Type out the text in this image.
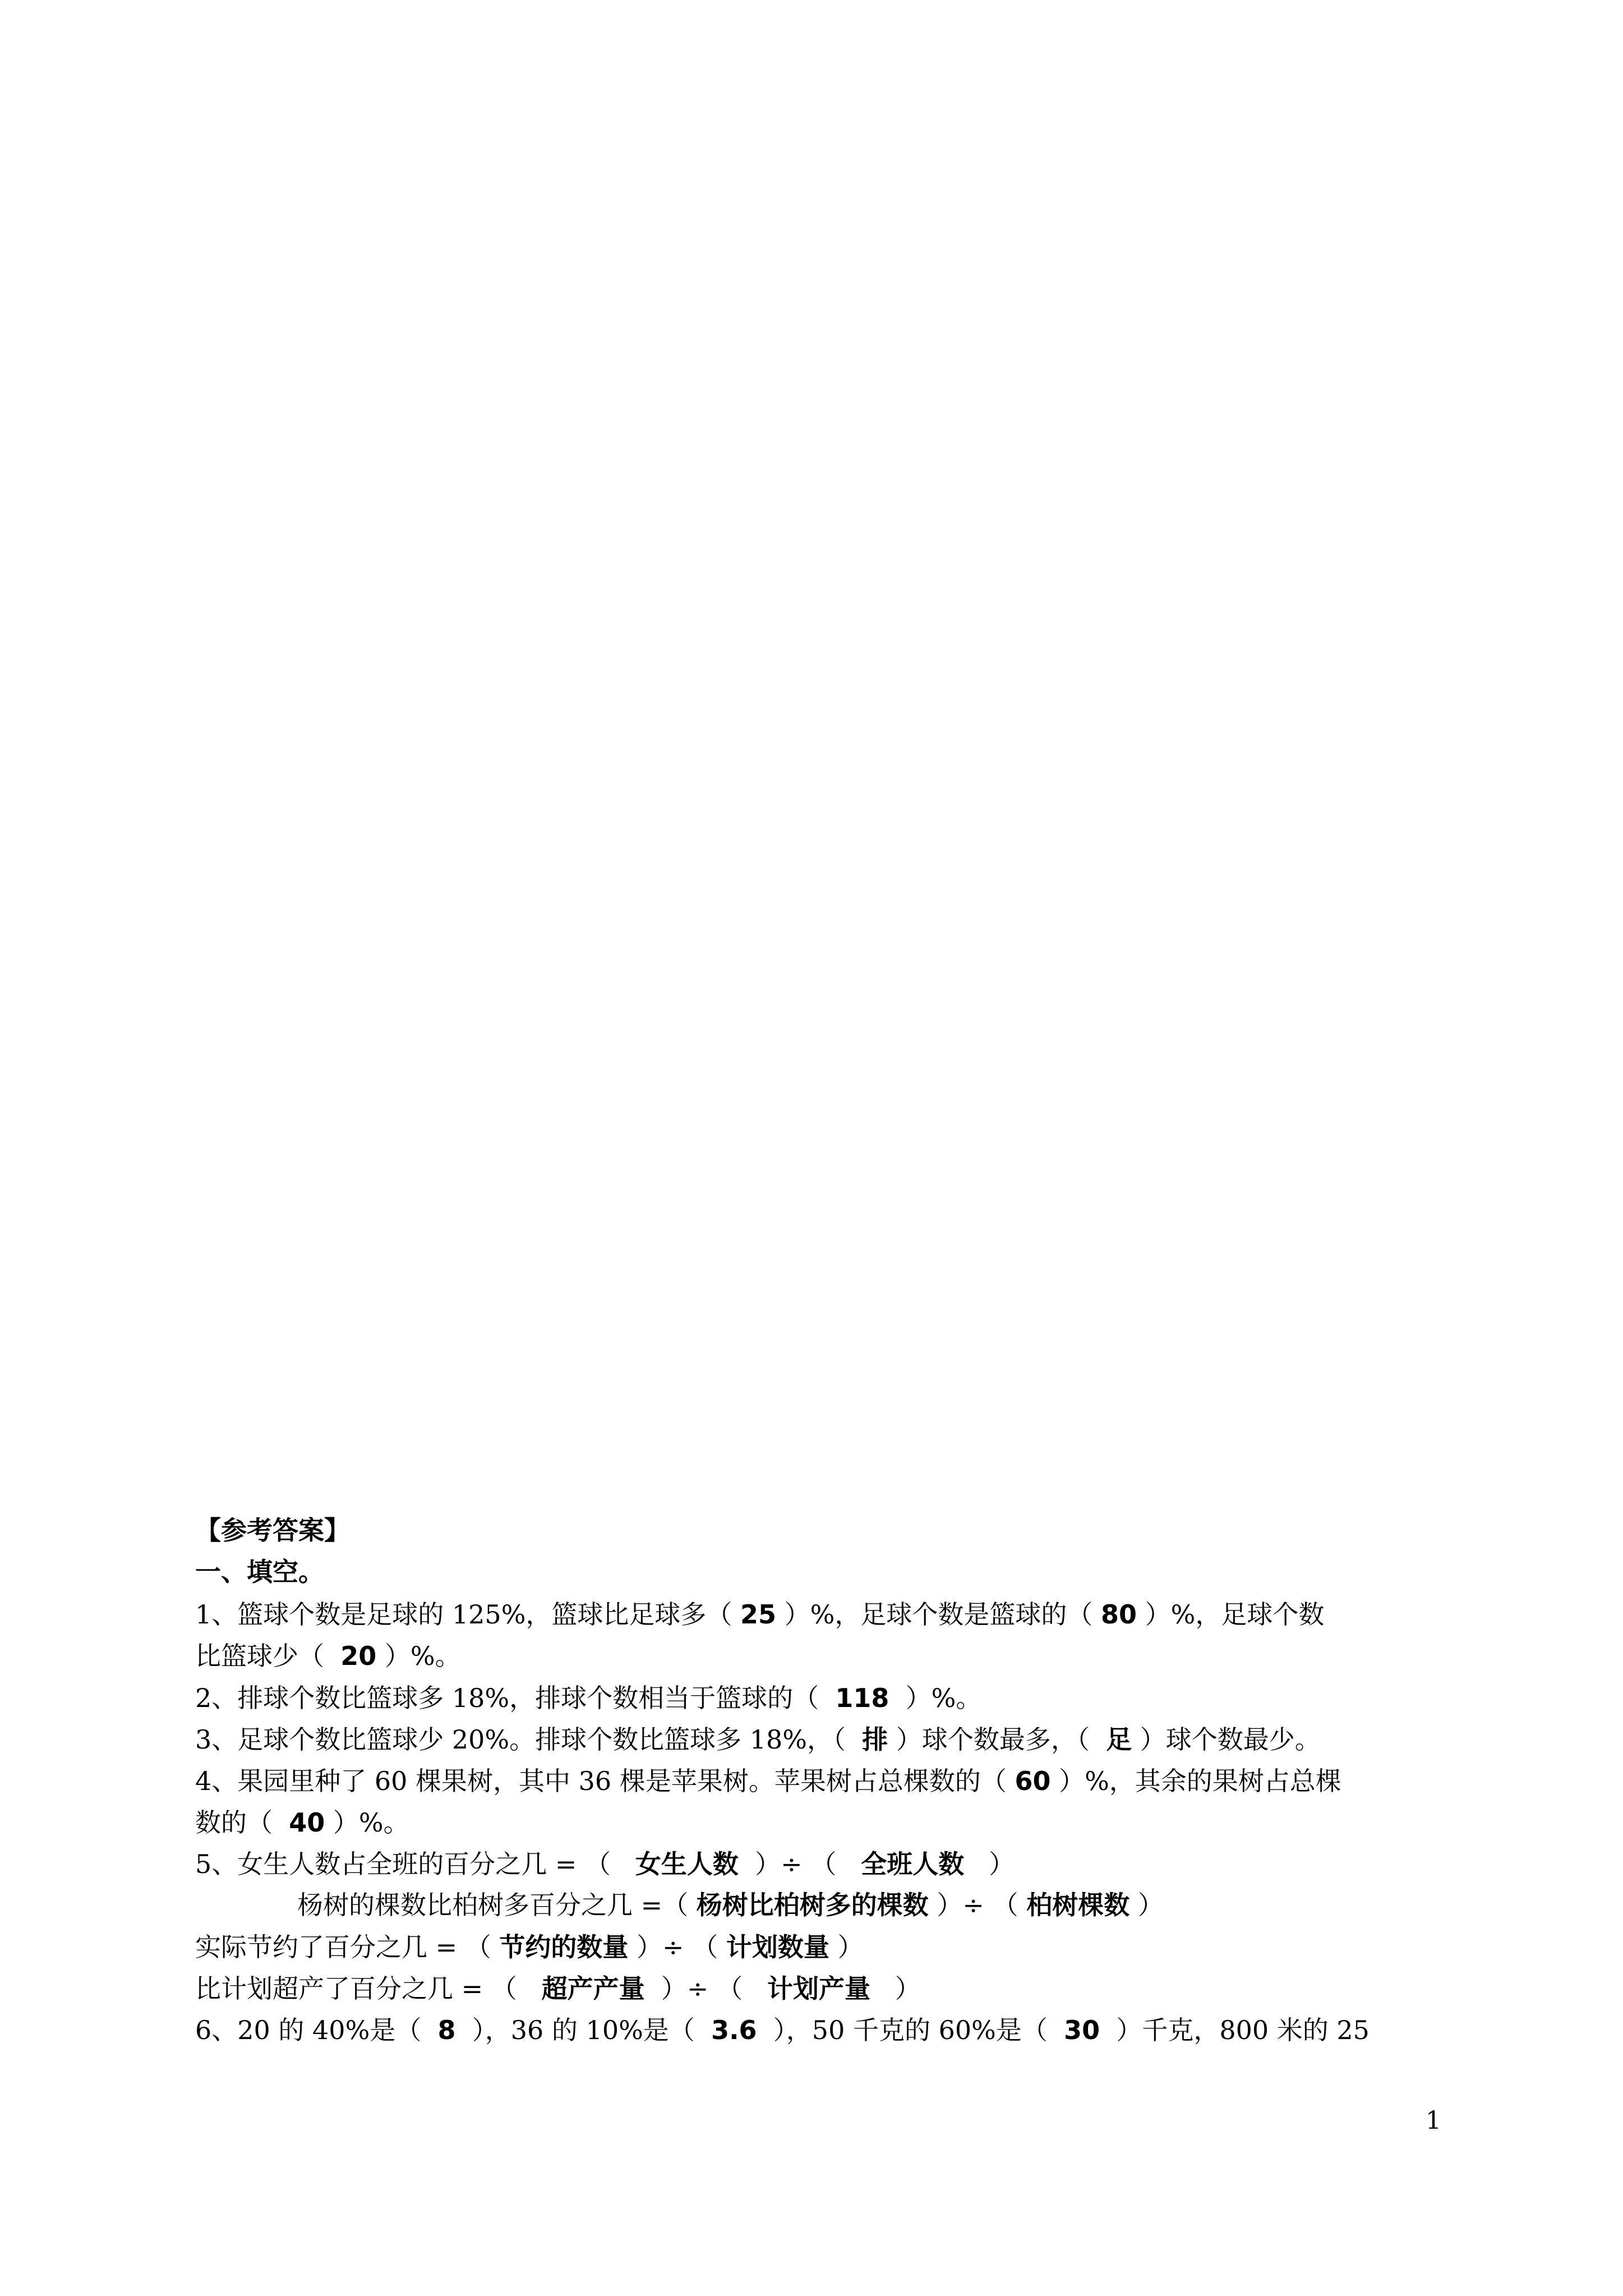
【参考答案】
一、填空。
1、篮球个数是足球的 125%，篮球比足球多（ 25 ）%，足球个数是篮球的（ 80 ）%，足球个数
比篮球少（  20 ）%。
2、排球个数比篮球多 18%，排球个数相当于篮球的（  118  ）%。
3、足球个数比篮球少 20%。排球个数比篮球多 18%，（  排 ）球个数最多，（  足 ）球个数最少。
4、果园里种了 60 棵果树，其中 36 棵是苹果树。苹果树占总棵数的（ 60 ）%，其余的果树占总棵
数的（  40 ）%。
5、女生人数占全班的百分之几 = （   女生人数  ）÷ （   全班人数   ）
杨树的棵数比柏树多百分之几 =（ 杨树比柏树多的棵数 ）÷ （ 柏树棵数 ）
实际节约了百分之几 = （ 节约的数量 ）÷ （ 计划数量 ）
比计划超产了百分之几 = （   超产产量  ）÷ （   计划产量   ）
6、20 的 40%是（  8  ），36 的 10%是（  3.6  ），50 千克的 60%是（  30  ）千克，800 米的 25
1
